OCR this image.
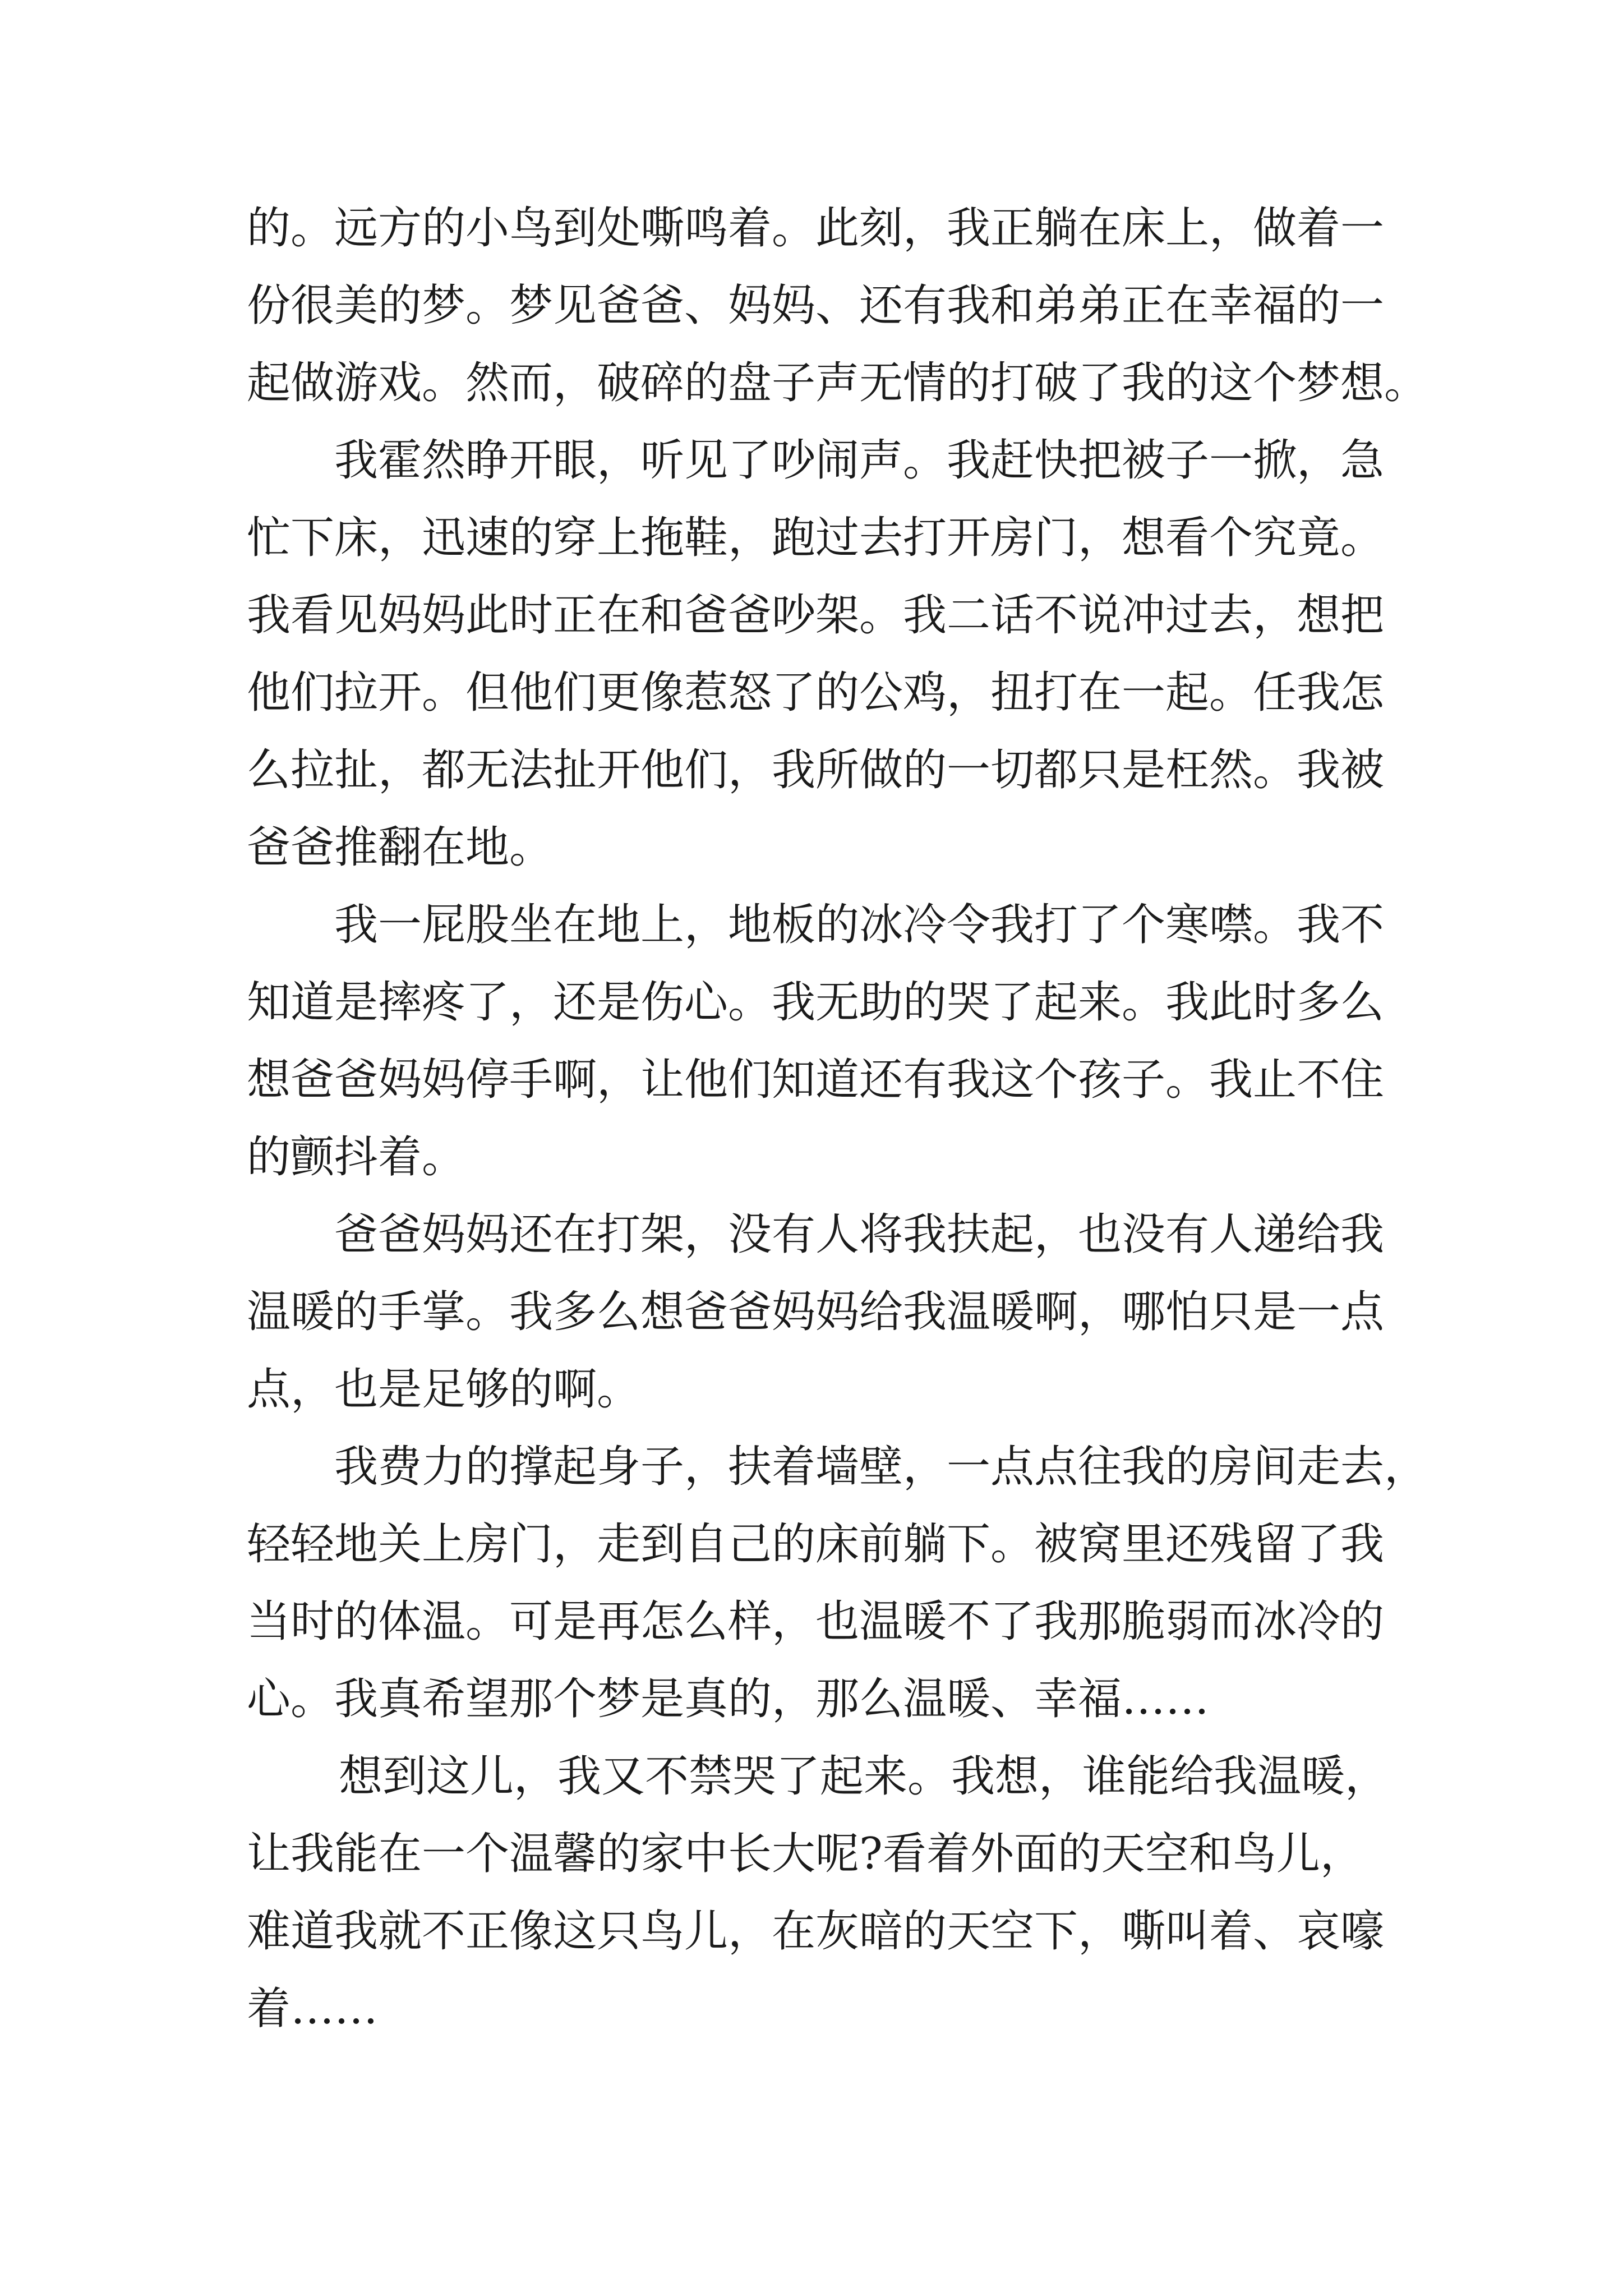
的。远方的小鸟到处嘶鸣着。此刻，我正躺在床上，做着一
份很美的梦。梦见爸爸、妈妈、还有我和弟弟正在幸福的一
起做游戏。然而，破碎的盘子声无情的打破了我的这个梦想。

我霍然睁开眼，听见了吵闹声。我赶快把被子一掀，急
忙下床，迅速的穿上拖鞋，跑过去打开房门，想看个究竟。
我看见妈妈此时正在和爸爸吵架。我二话不说冲过去，想把
他们拉开。但他们更像惹怒了的公鸡，扭打在一起。任我怎
么拉扯，都无法扯开他们，我所做的一切都只是枉然。我被
爸爸推翻在地。

我一屁股坐在地上，地板的冰冷令我打了个寒噤。我不
知道是摔疼了，还是伤心。我无助的哭了起来。我此时多么
想爸爸妈妈停手啊，让他们知道还有我这个孩子。我止不住
的颤抖着。

爸爸妈妈还在打架，没有人将我扶起，也没有人递给我
温暖的手掌。我多么想爸爸妈妈给我温暖啊，哪怕只是一点
点，也是足够的啊。

我费力的撑起身子，扶着墙壁，一点点往我的房间走去，
轻轻地关上房门，走到自己的床前躺下。被窝里还残留了我
当时的体温。可是再怎么样，也温暖不了我那脆弱而冰冷的
心。我真希望那个梦是真的，那么温暖、幸福……

想到这儿，我又不禁哭了起来。我想，谁能给我温暖，
让我能在一个温馨的家中长大呢?看着外面的天空和鸟儿，
难道我就不正像这只鸟儿，在灰暗的天空下，嘶叫着、哀嚎
着……
